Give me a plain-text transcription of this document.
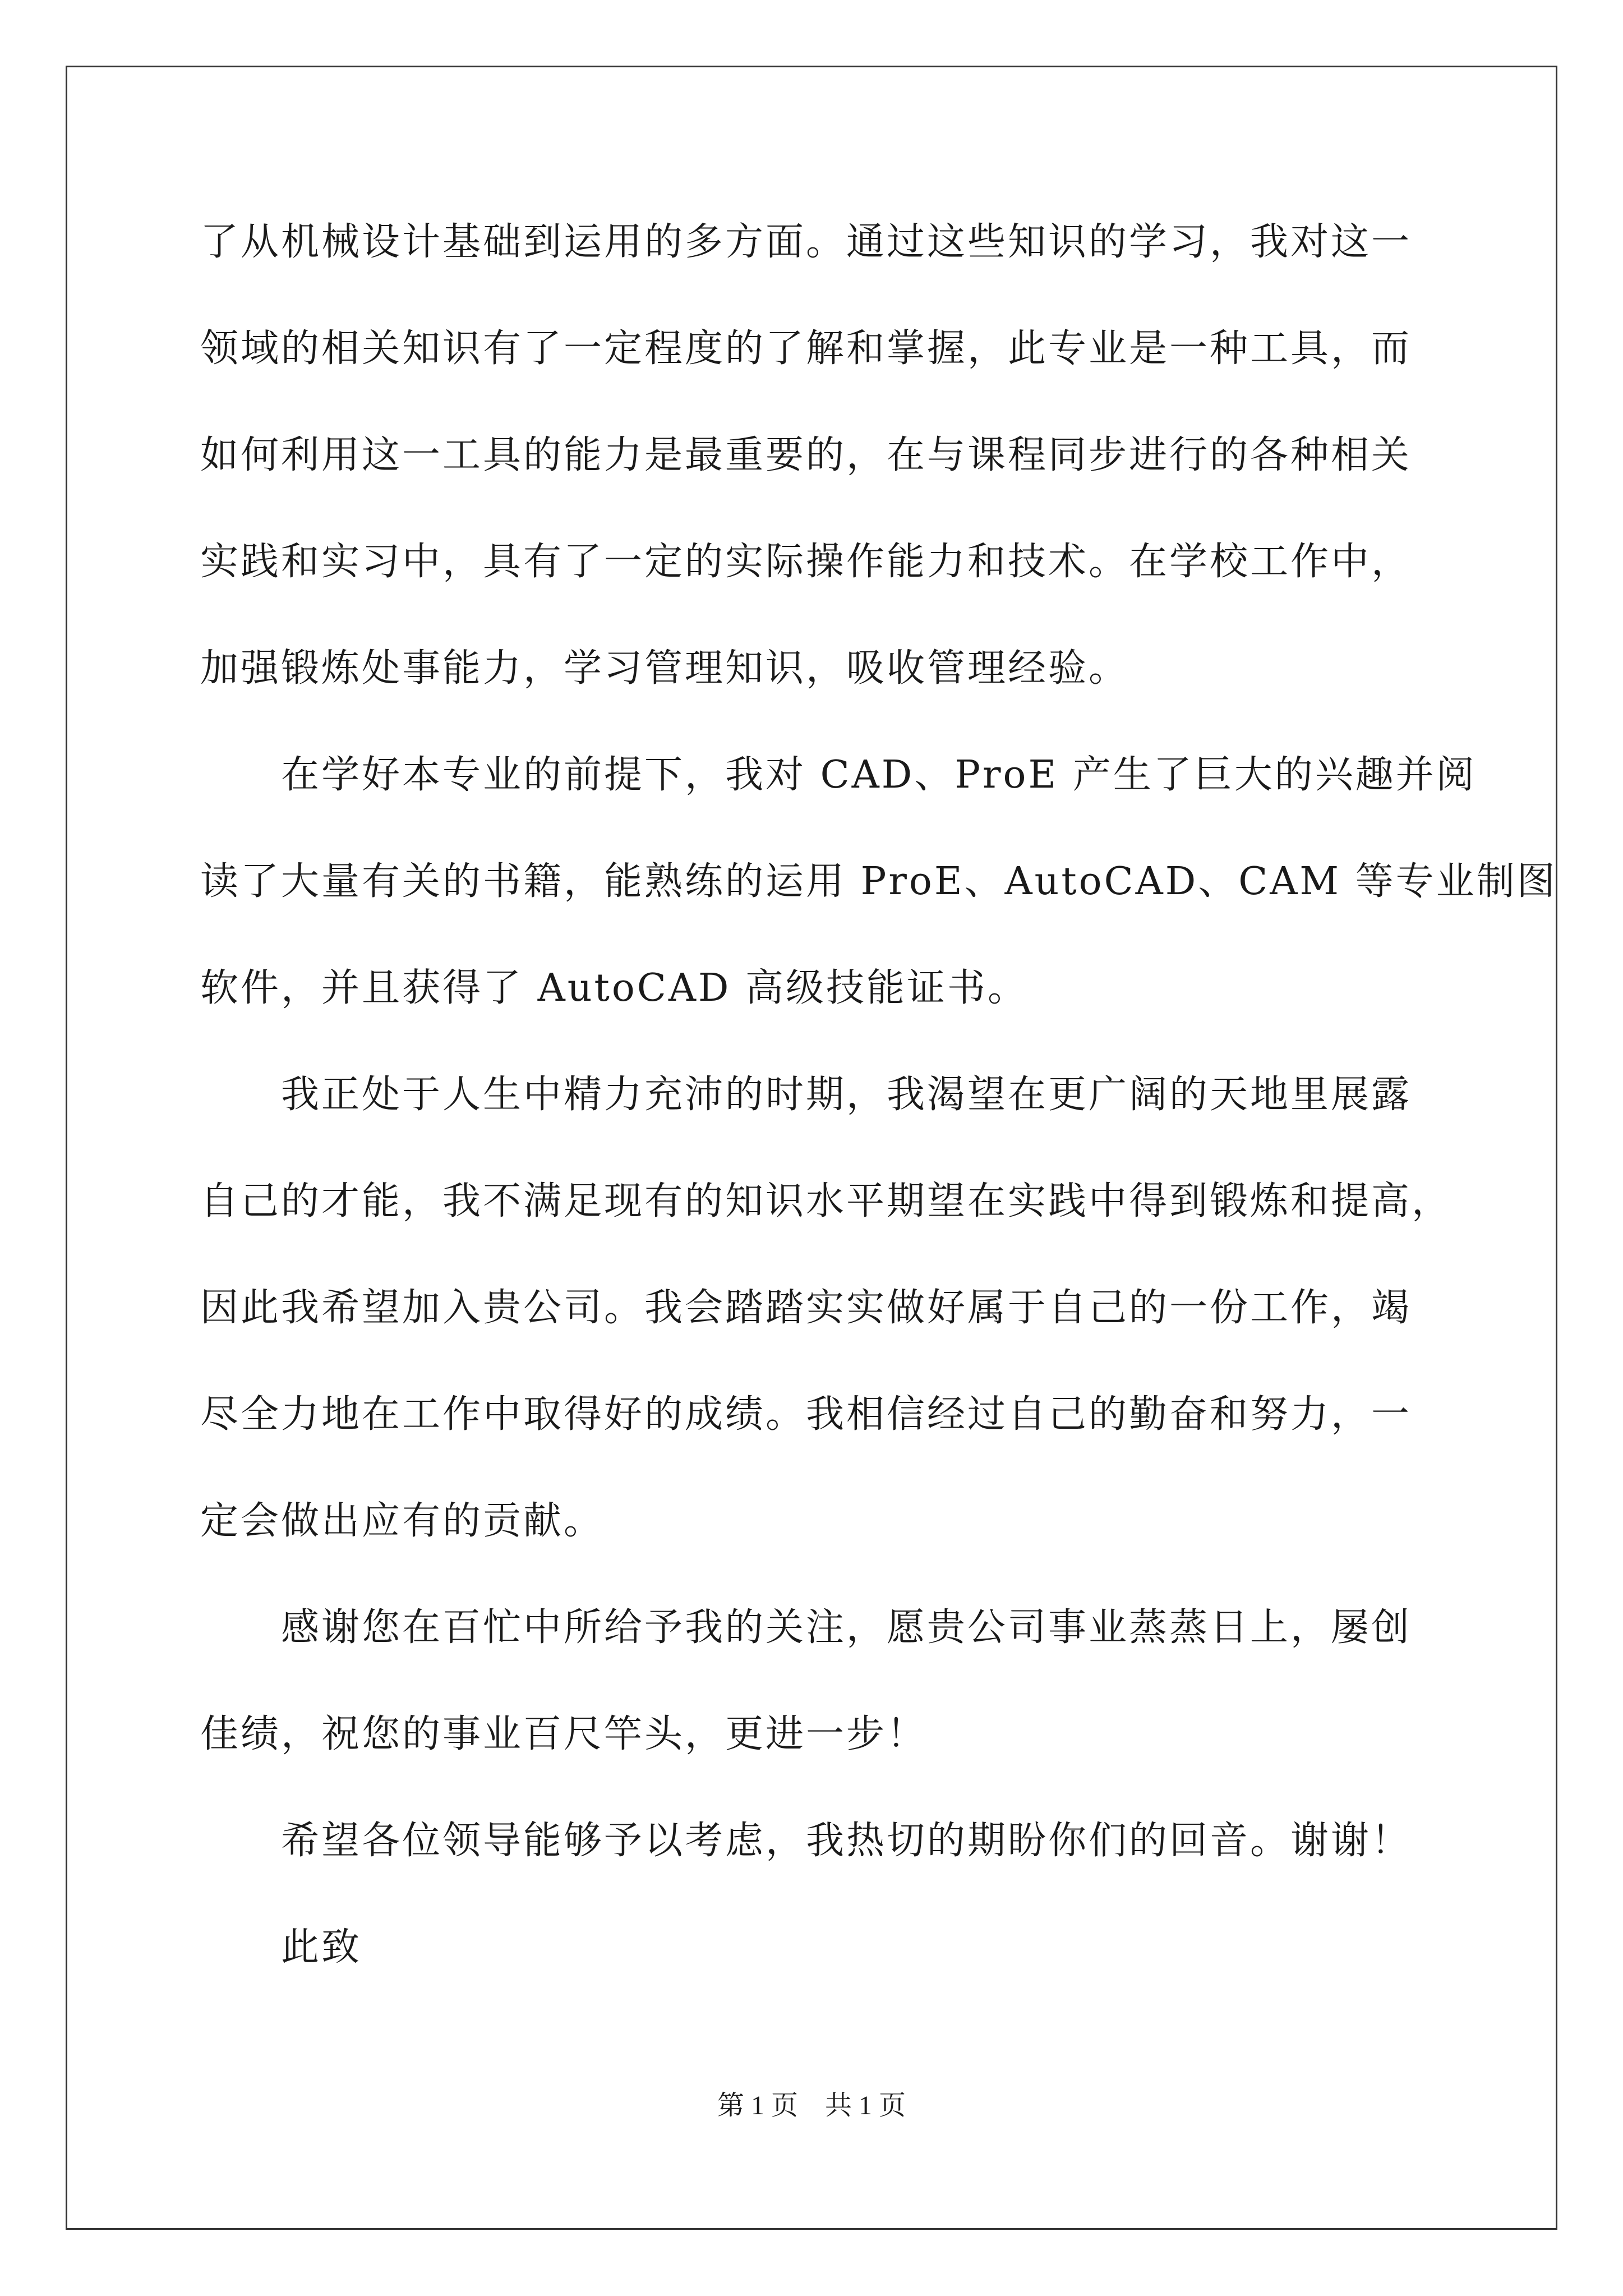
了从机械设计基础到运用的多方面。通过这些知识的学习，我对这一
领域的相关知识有了一定程度的了解和掌握，此专业是一种工具，而
如何利用这一工具的能力是最重要的，在与课程同步进行的各种相关
实践和实习中，具有了一定的实际操作能力和技术。在学校工作中，
加强锻炼处事能力，学习管理知识，吸收管理经验。
在学好本专业的前提下，我对 CAD、ProE 产生了巨大的兴趣并阅
读了大量有关的书籍，能熟练的运用 ProE、AutoCAD、CAM 等专业制图
软件，并且获得了 AutoCAD 高级技能证书。
我正处于人生中精力充沛的时期，我渴望在更广阔的天地里展露
自己的才能，我不满足现有的知识水平期望在实践中得到锻炼和提高，
因此我希望加入贵公司。我会踏踏实实做好属于自己的一份工作，竭
尽全力地在工作中取得好的成绩。我相信经过自己的勤奋和努力，一
定会做出应有的贡献。
感谢您在百忙中所给予我的关注，愿贵公司事业蒸蒸日上，屡创
佳绩，祝您的事业百尺竿头，更进一步！
希望各位领导能够予以考虑，我热切的期盼你们的回音。谢谢！
此致
第 1 页 共 1 页
